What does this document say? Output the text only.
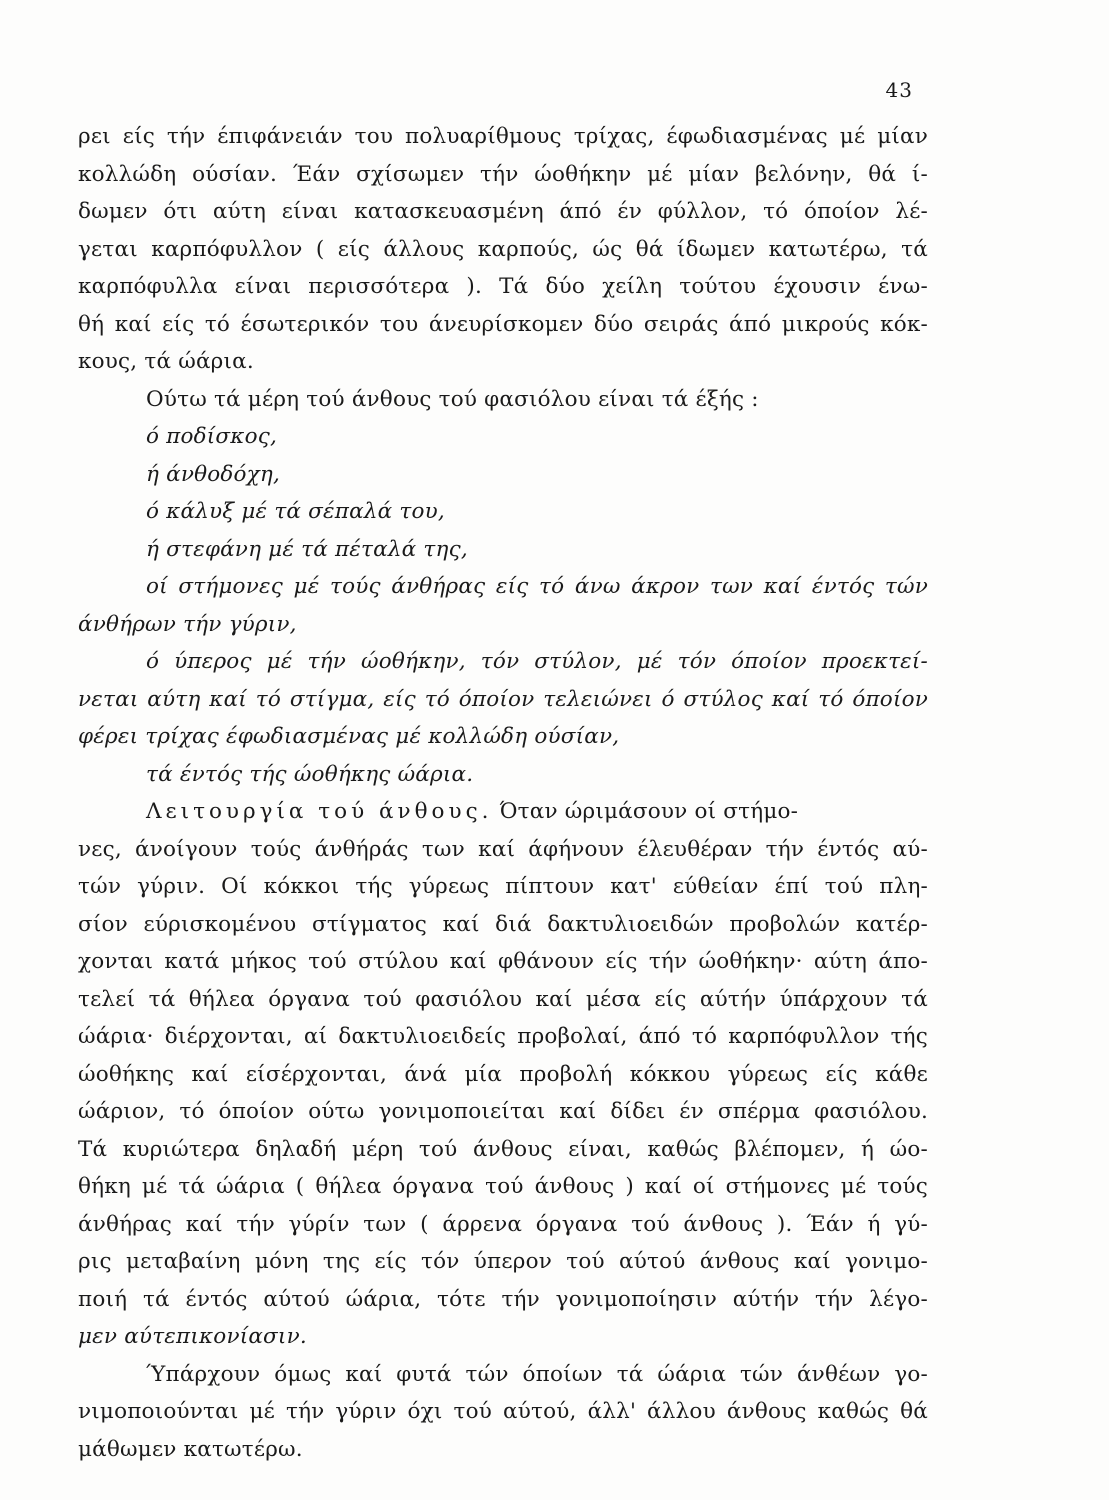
43
ρει είς τήν έπιφάνειάν του πολυαρίθμους τρίχας, έφωδιασμένας μέ μίαν
κολλώδη ούσίαν. Έάν σχίσωμεν τήν ώοθήκην μέ μίαν βελόνην, θά ί-
δωμεν ότι αύτη είναι κατασκευασμένη άπό έν φύλλον, τό όποίον λέ-
γεται καρπόφυλλον ( είς άλλους καρπούς, ώς θά ίδωμεν κατωτέρω, τά
καρπόφυλλα είναι περισσότερα ). Τά δύο χείλη τούτου έχουσιν ένω-
θή καί είς τό έσωτερικόν του άνευρίσκομεν δύο σειράς άπό μικρούς κόκ-
κους, τά ώάρια.
Ούτω τά μέρη τού άνθους τού φασιόλου είναι τά έξής :
ό ποδίσκος,
ή άνθοδόχη,
ό κάλυξ μέ τά σέπαλά του,
ή στεφάνη μέ τά πέταλά της,
οί στήμονες μέ τούς άνθήρας είς τό άνω άκρον των καί έντός τών
άνθήρων τήν γύριν,
ό ύπερος μέ τήν ώοθήκην, τόν στύλον, μέ τόν όποίον προεκτεί-
νεται αύτη καί τό στίγμα, είς τό όποίον τελειώνει ό στύλος καί τό όποίον
φέρει τρίχας έφωδιασμένας μέ κολλώδη ούσίαν,
τά έντός τής ώοθήκης ώάρια.
Λειτουργία τού άνθους. Όταν ώριμάσουν οί στήμο-
νες, άνοίγουν τούς άνθήράς των καί άφήνουν έλευθέραν τήν έντός αύ-
τών γύριν. Οί κόκκοι τής γύρεως πίπτουν κατ' εύθείαν έπί τού πλη-
σίον εύρισκομένου στίγματος καί διά δακτυλιοειδών προβολών κατέρ-
χονται κατά μήκος τού στύλου καί φθάνουν είς τήν ώοθήκην· αύτη άπο-
τελεί τά θήλεα όργανα τού φασιόλου καί μέσα είς αύτήν ύπάρχουν τά
ώάρια· διέρχονται, αί δακτυλιοειδείς προβολαί, άπό τό καρπόφυλλον τής
ώοθήκης καί είσέρχονται, άνά μία προβολή κόκκου γύρεως είς κάθε
ώάριον, τό όποίον ούτω γονιμοποιείται καί δίδει έν σπέρμα φασιόλου.
Τά κυριώτερα δηλαδή μέρη τού άνθους είναι, καθώς βλέπομεν, ή ώο-
θήκη μέ τά ώάρια ( θήλεα όργανα τού άνθους ) καί οί στήμονες μέ τούς
άνθήρας καί τήν γύρίν των ( άρρενα όργανα τού άνθους ). Έάν ή γύ-
ρις μεταβαίνη μόνη της είς τόν ύπερον τού αύτού άνθους καί γονιμο-
ποιή τά έντός αύτού ώάρια, τότε τήν γονιμοποίησιν αύτήν τήν λέγο-
μεν αύτεπικονίασιν.
Ύπάρχουν όμως καί φυτά τών όποίων τά ώάρια τών άνθέων γο-
νιμοποιούνται μέ τήν γύριν όχι τού αύτού, άλλ' άλλου άνθους καθώς θά
μάθωμεν κατωτέρω.
